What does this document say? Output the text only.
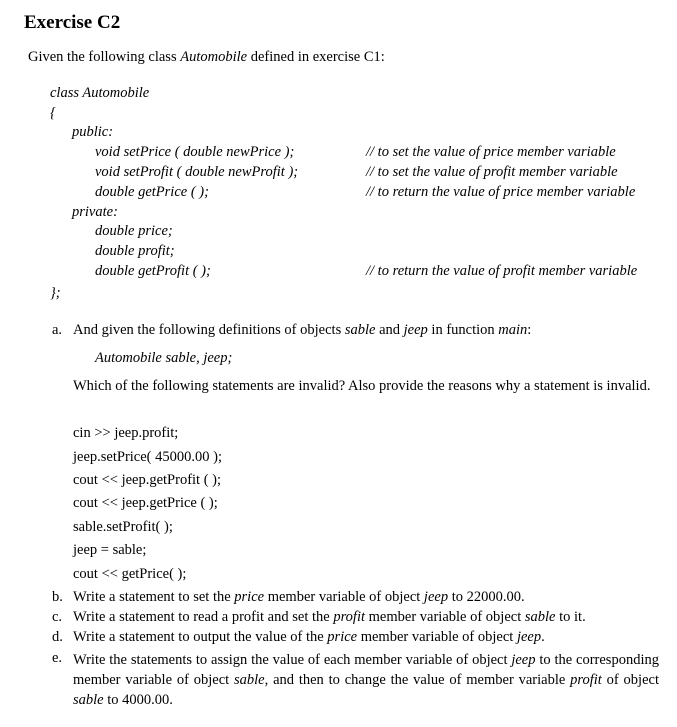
Exercise C2
Given the following class Automobile defined in exercise C1:
class Automobile
{
public:
void setPrice ( double newPrice );
void setProfit ( double newProfit );
double getPrice ( );
// to set the value of price member variable
// to set the value of profit member variable
// to return the value of price member variable
private:
double price;
double profit;
double getProfit ( );	// to return the value of profit member variable
};
a. And given the following definitions of objects sable and jeep in function main:
Automobile sable, jeep;
Which of the following statements are invalid? Also provide the reasons why a statement is invalid.
cin >> jeep.profit;
jeep.setPrice( 45000.00 );
cout << jeep.getProfit ( );
cout << jeep.getPrice ( );
sable.setProfit( );
jeep = sable;
cout << getPrice( );
b. Write a statement to set the price member variable of object jeep to 22000.00.
c. Write a statement to read a profit and set the profit member variable of object sable to it.
d. Write a statement to output the value of the price member variable of object jeep.
e. Write the statements to assign the value of each member variable of object jeep to the corresponding member variable of object sable, and then to change the value of member variable profit of object sable to 4000.00.
